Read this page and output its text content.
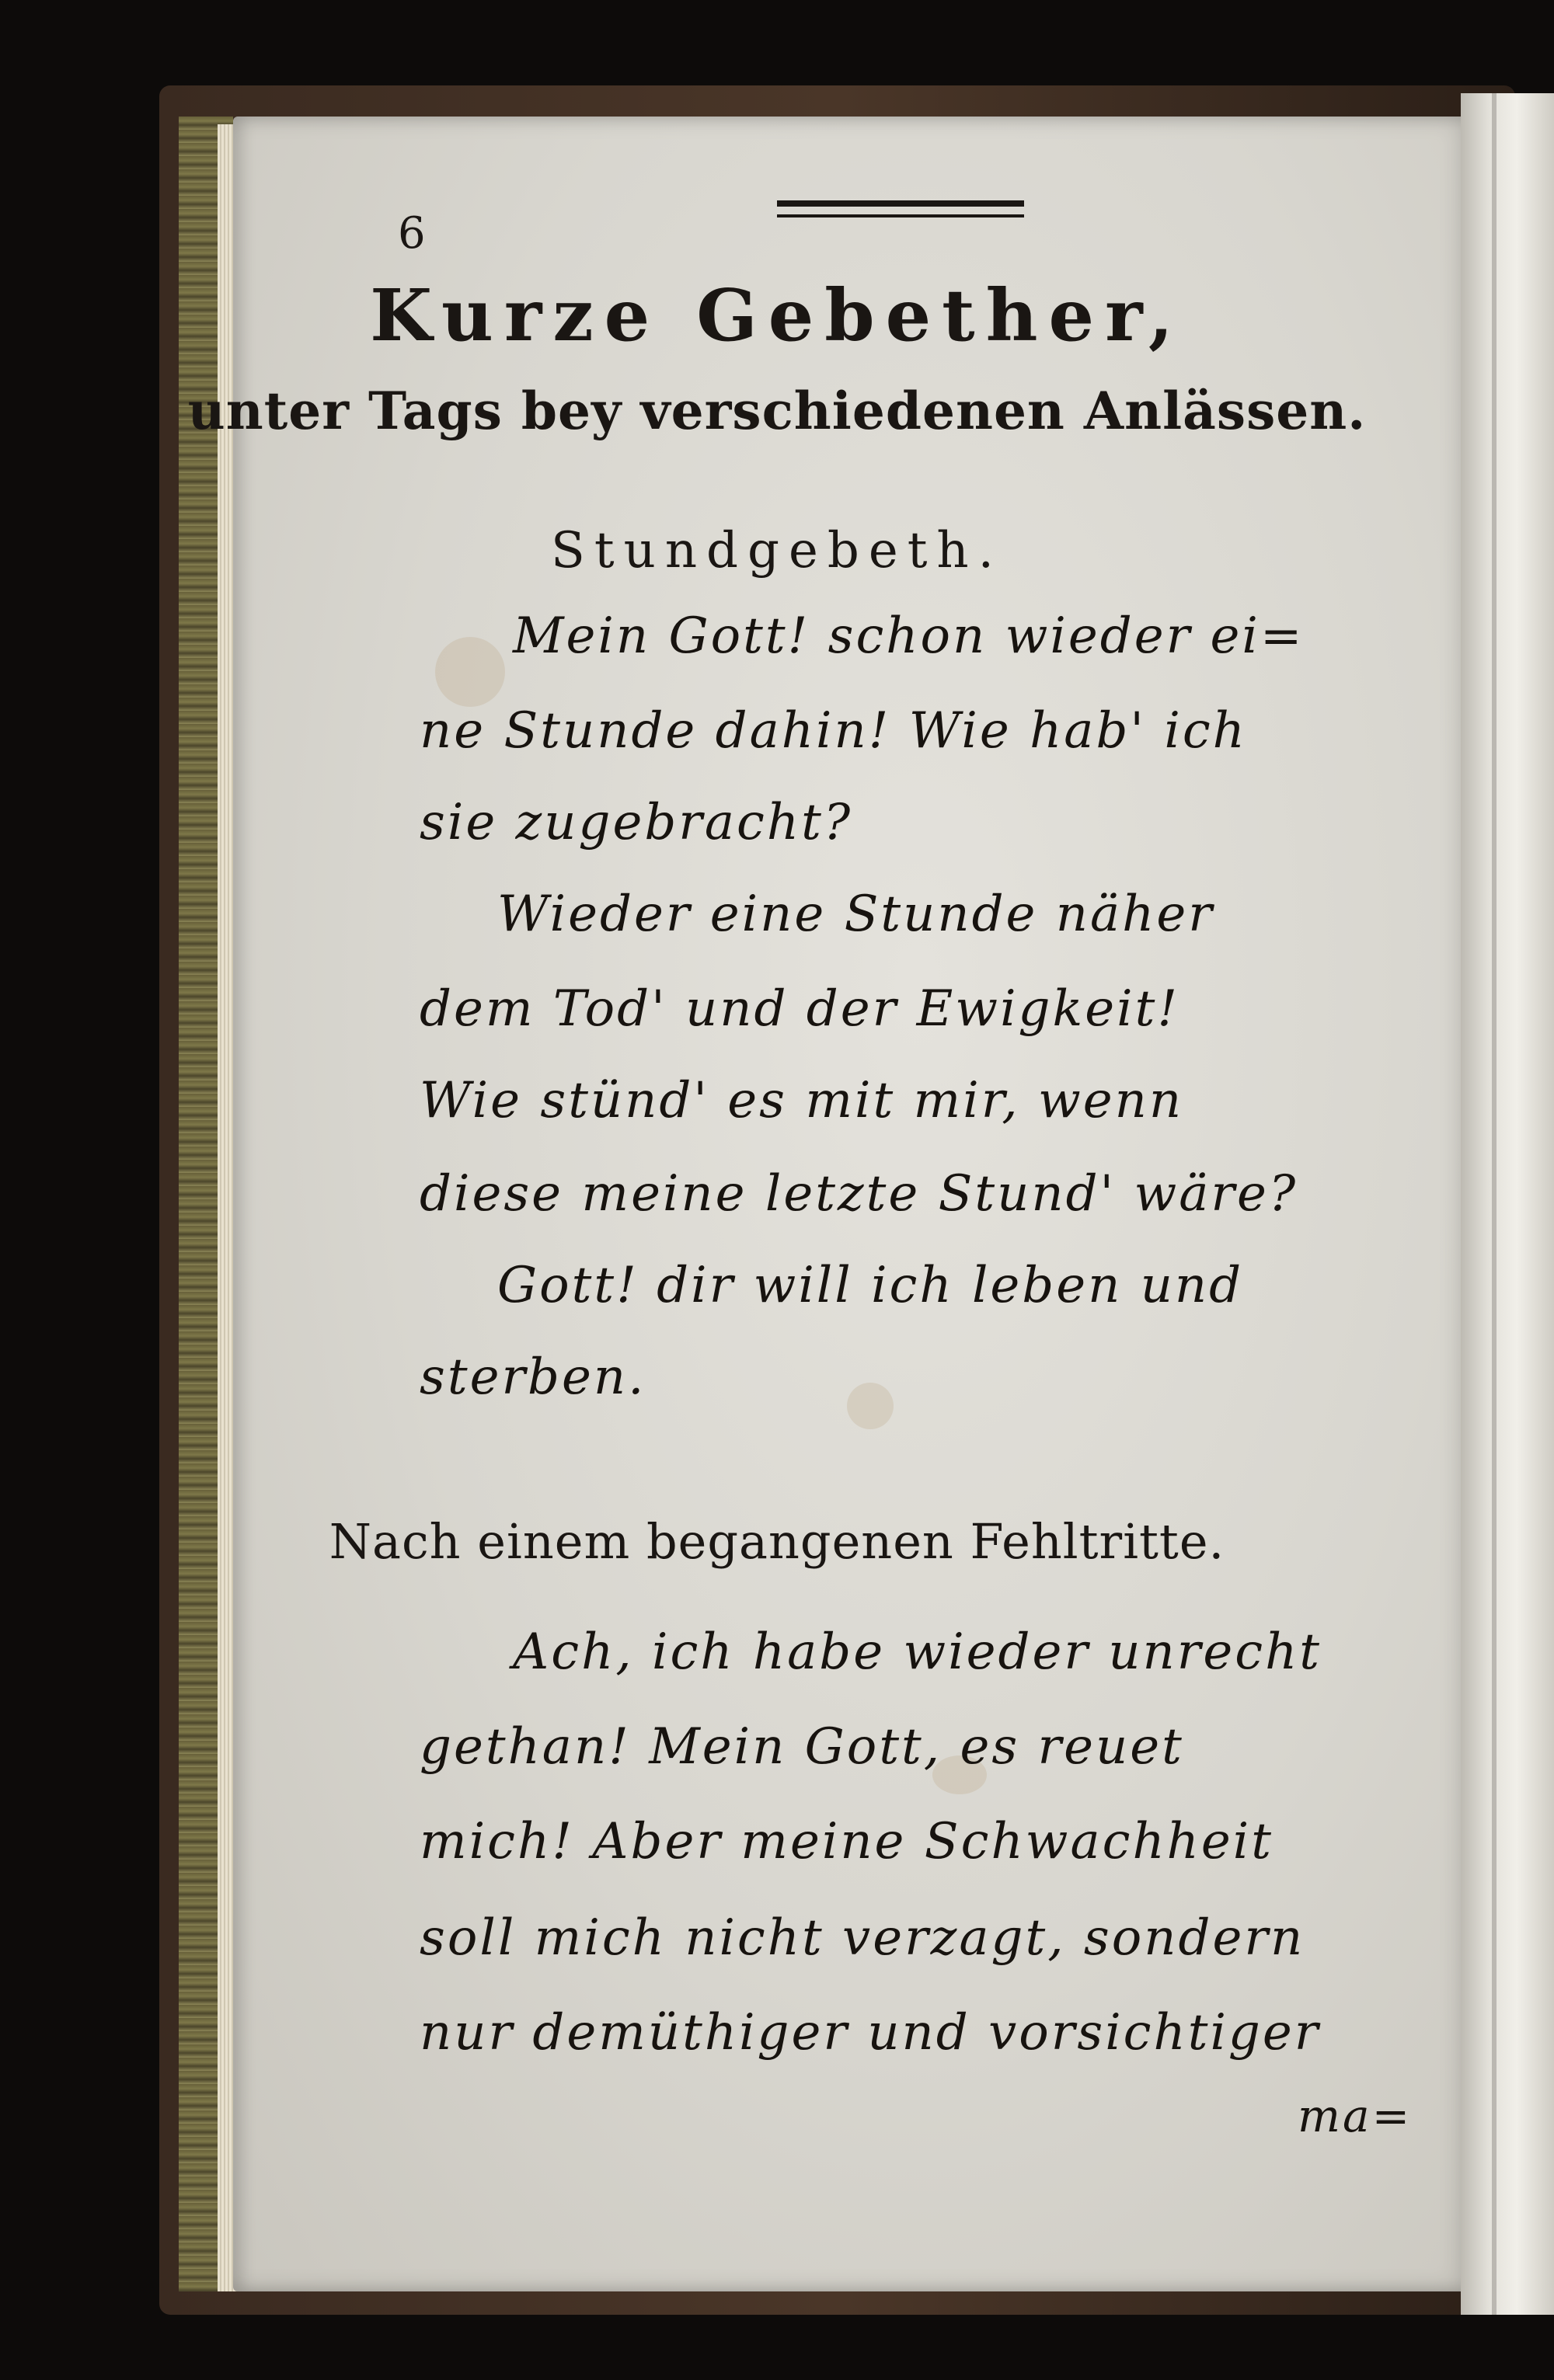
6
Kurze Gebether,
unter Tags bey verschiedenen Anlässen.
Stundgebeth.
Mein Gott! schon wieder ei=
ne Stunde dahin! Wie hab' ich
sie zugebracht?
Wieder eine Stunde näher
dem Tod' und der Ewigkeit!
Wie stünd' es mit mir, wenn
diese meine letzte Stund' wäre?
Gott! dir will ich leben und
sterben.
Nach einem begangenen Fehltritte.
Ach, ich habe wieder unrecht
gethan! Mein Gott, es reuet
mich! Aber meine Schwachheit
soll mich nicht verzagt, sondern
nur demüthiger und vorsichtiger
ma=
